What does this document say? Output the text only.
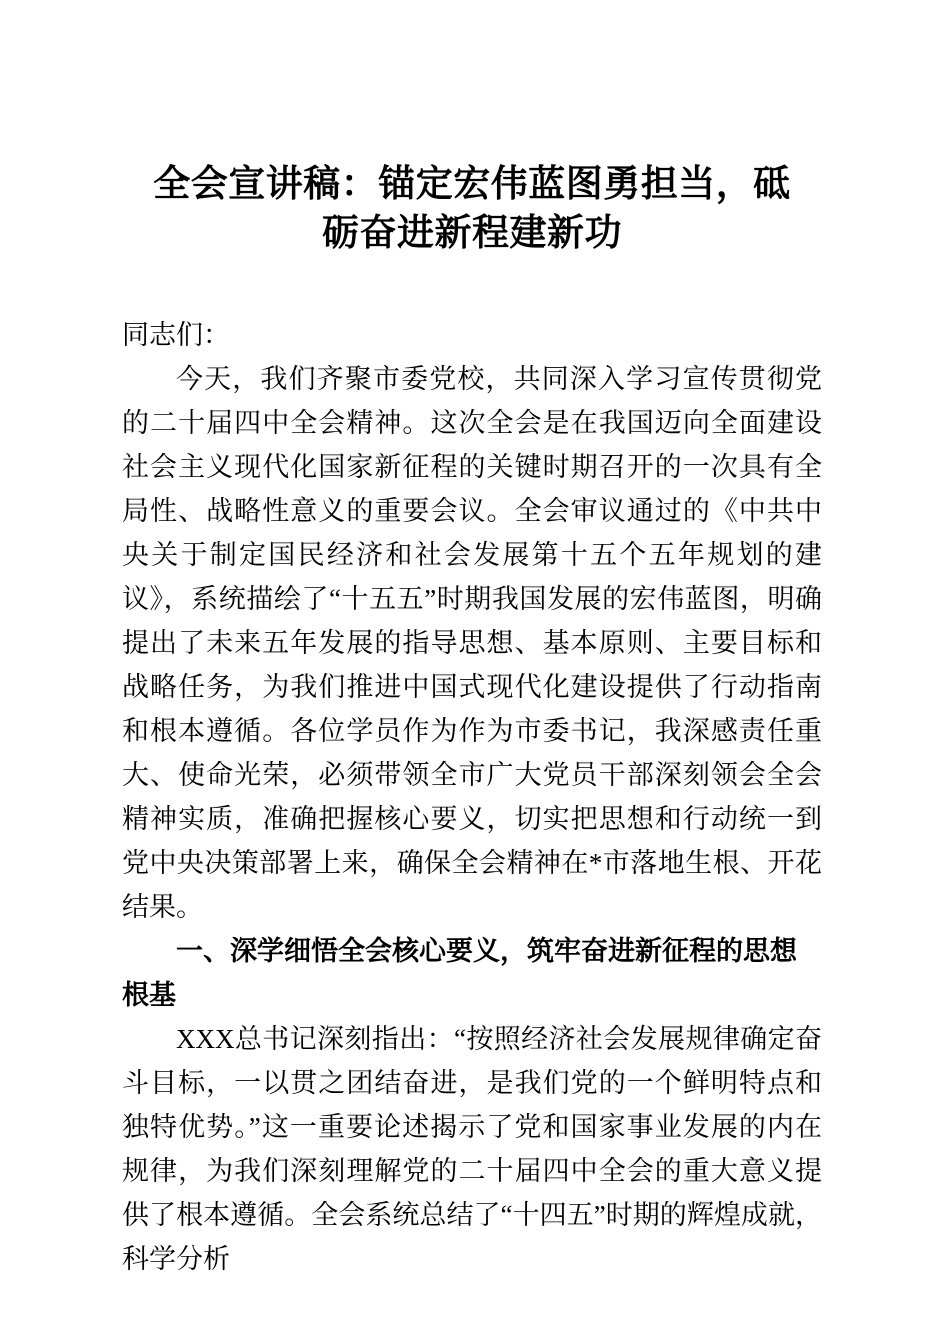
全会宣讲稿：锚定宏伟蓝图勇担当，砥
砺奋进新程建新功

同志们：

今天，我们齐聚市委党校，共同深入学习宣传贯彻党的二十届四中全会精神。这次全会是在我国迈向全面建设社会主义现代化国家新征程的关键时期召开的一次具有全局性、战略性意义的重要会议。全会审议通过的《中共中央关于制定国民经济和社会发展第十五个五年规划的建议》，系统描绘了“十五五”时期我国发展的宏伟蓝图，明确提出了未来五年发展的指导思想、基本原则、主要目标和战略任务，为我们推进中国式现代化建设提供了行动指南和根本遵循。各位学员作为作为市委书记，我深感责任重大、使命光荣，必须带领全市广大党员干部深刻领会全会精神实质，准确把握核心要义，切实把思想和行动统一到党中央决策部署上来，确保全会精神在*市落地生根、开花结果。

一、深学细悟全会核心要义，筑牢奋进新征程的思想根基

XXX总书记深刻指出：“按照经济社会发展规律确定奋斗目标，一以贯之团结奋进，是我们党的一个鲜明特点和独特优势。”这一重要论述揭示了党和国家事业发展的内在规律，为我们深刻理解党的二十届四中全会的重大意义提供了根本遵循。全会系统总结了“十四五”时期的辉煌成就，科学分析
